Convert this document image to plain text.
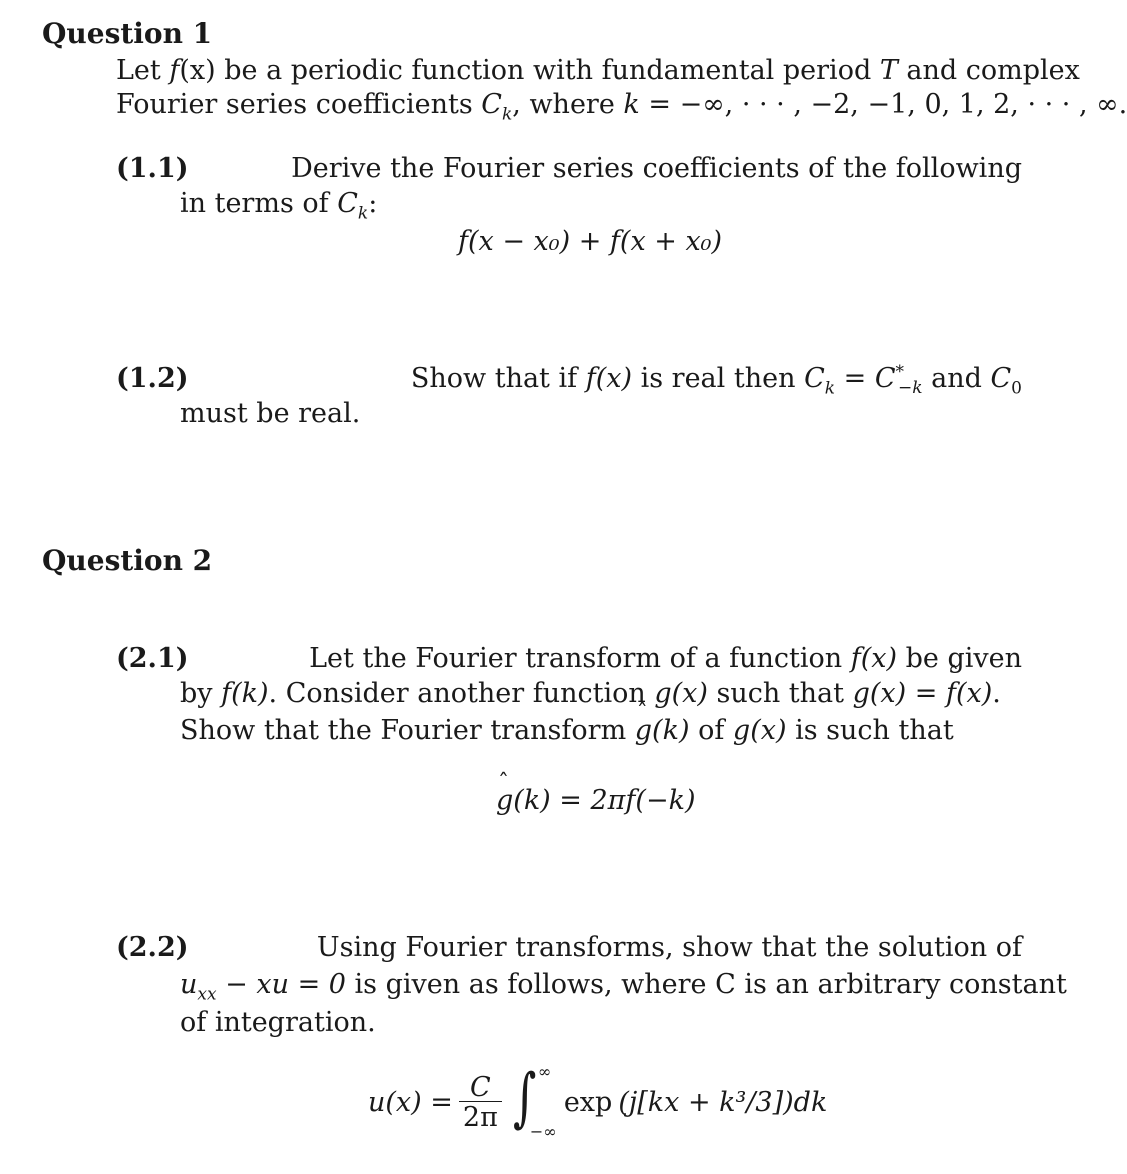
Question 1
Let f(x) be a periodic function with fundamental period T and complex
Fourier series coefficients $C_k$, where k = −∞, · · · , −2, −1, 0, 1, 2, · · · , ∞.
(1.1)	Derive the Fourier series coefficients of the following
in terms of $C_k$:
f(x − x₀) + f(x + x₀)
(1.2)	Show that if f(x) is real then $C_k = C^*_{-k}$ and $C_0$
must be real.
Question 2
(2.1)	Let the Fourier transform of a function f(x) be given
by f(k). Consider another function g(x) such that g(x) = ˆ f(x).
Show that the Fourier transform ˆ g(k) of g(x) is such that
ˆ g(k) = 2πf(−k)
(2.2)	Using Fourier transforms, show that the solution of
$u_{xx}$ − xu = 0 is given as follows, where C is an arbitrary constant
of integration.
$u(x) = \frac{C}{2\pi}$ ∫ ∞
−∞
exp (j[kx + k³/3])dk
